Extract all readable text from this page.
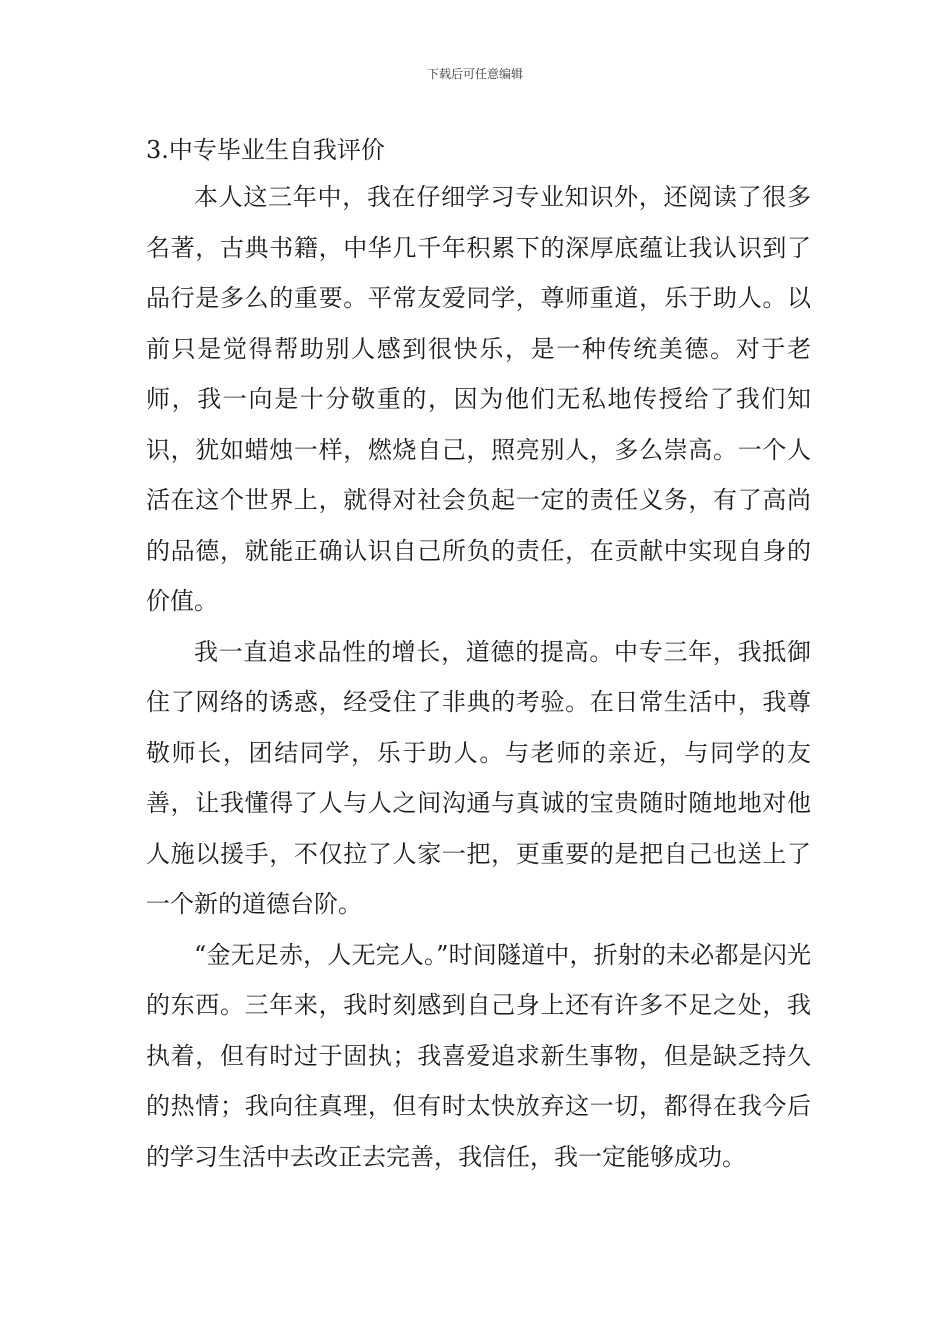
下载后可任意编辑
3.中专毕业生自我评价

本人这三年中，我在仔细学习专业知识外，还阅读了很多名著，古典书籍，中华几千年积累下的深厚底蕴让我认识到了品行是多么的重要。平常友爱同学，尊师重道，乐于助人。以前只是觉得帮助别人感到很快乐，是一种传统美德。对于老师，我一向是十分敬重的，因为他们无私地传授给了我们知识，犹如蜡烛一样，燃烧自己，照亮别人，多么崇高。一个人活在这个世界上，就得对社会负起一定的责任义务，有了高尚的品德，就能正确认识自己所负的责任，在贡献中实现自身的价值。

我一直追求品性的增长，道德的提高。中专三年，我抵御住了网络的诱惑，经受住了非典的考验。在日常生活中，我尊敬师长，团结同学，乐于助人。与老师的亲近，与同学的友善，让我懂得了人与人之间沟通与真诚的宝贵随时随地地对他人施以援手，不仅拉了人家一把，更重要的是把自己也送上了一个新的道德台阶。

“金无足赤，人无完人。”时间隧道中，折射的未必都是闪光的东西。三年来，我时刻感到自己身上还有许多不足之处，我执着，但有时过于固执；我喜爱追求新生事物，但是缺乏持久的热情；我向往真理，但有时太快放弃这一切，都得在我今后的学习生活中去改正去完善，我信任，我一定能够成功。
